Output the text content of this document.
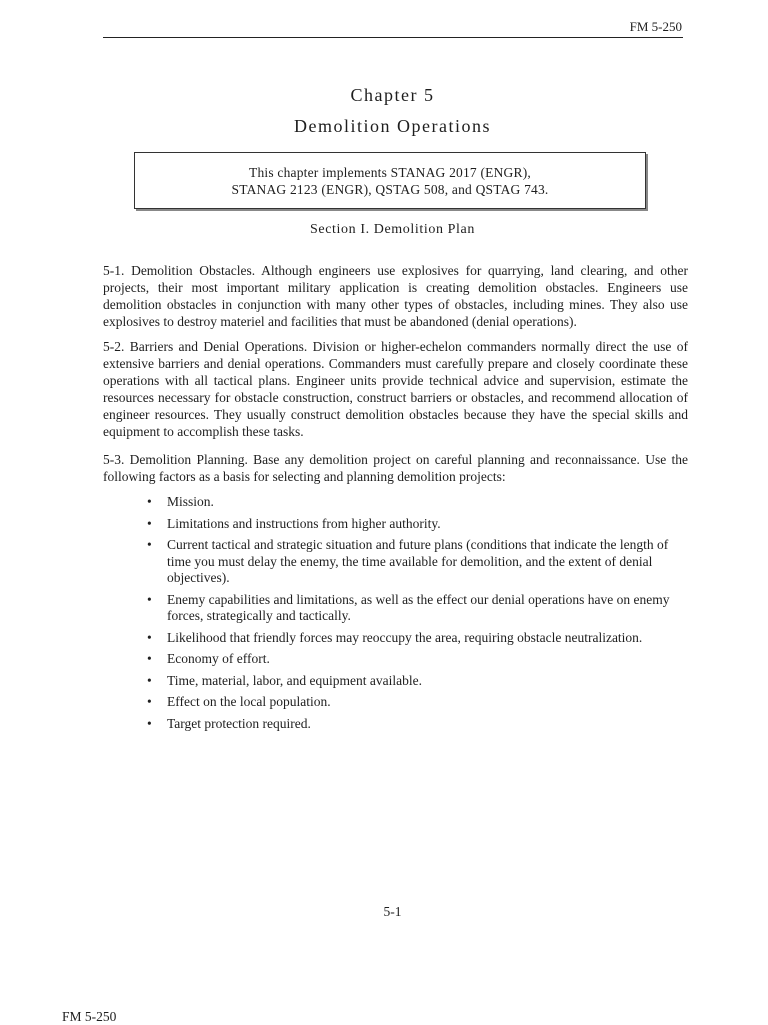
FM 5-250
Chapter 5
Demolition Operations
This chapter implements STANAG 2017 (ENGR),
STANAG 2123 (ENGR), QSTAG 508, and QSTAG 743.
Section I. Demolition Plan
5-1. Demolition Obstacles. Although engineers use explosives for quarrying, land clearing, and other projects, their most important military application is creating demolition obstacles. Engineers use demolition obstacles in conjunction with many other types of obstacles, including mines. They also use explosives to destroy materiel and facilities that must be abandoned (denial operations).
5-2. Barriers and Denial Operations. Division or higher-echelon commanders normally direct the use of extensive barriers and denial operations. Commanders must carefully prepare and closely coordinate these operations with all tactical plans. Engineer units provide technical advice and supervision, estimate the resources necessary for obstacle construction, construct barriers or obstacles, and recommend allocation of engineer resources. They usually construct demolition obstacles because they have the special skills and equipment to accomplish these tasks.
5-3. Demolition Planning. Base any demolition project on careful planning and reconnaissance. Use the following factors as a basis for selecting and planning demolition projects:
• Mission.
• Limitations and instructions from higher authority.
• Current tactical and strategic situation and future plans (conditions that indicate the length of time you must delay the enemy, the time available for demolition, and the extent of denial objectives).
• Enemy capabilities and limitations, as well as the effect our denial operations have on enemy forces, strategically and tactically.
• Likelihood that friendly forces may reoccupy the area, requiring obstacle neutralization.
• Economy of effort.
• Time, material, labor, and equipment available.
• Effect on the local population.
• Target protection required.
5-1
FM 5-250
